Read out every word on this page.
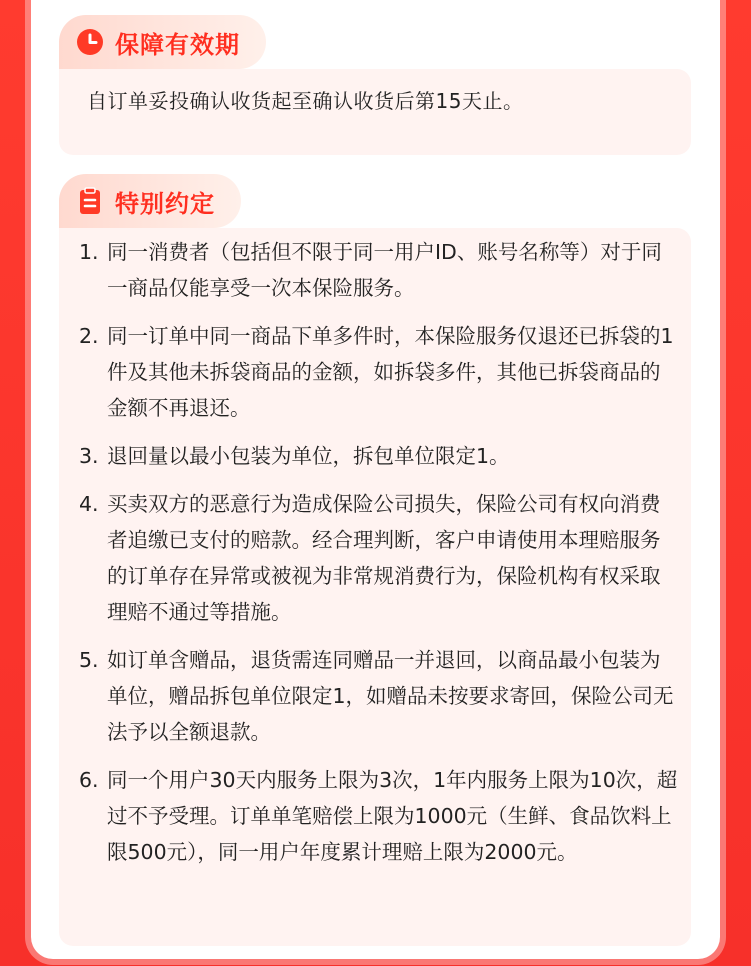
保障有效期
自订单妥投确认收货起至确认收货后第15天止。
特别约定
1. 同一消费者（包括但不限于同一用户ID、账号名称等）对于同一商品仅能享受一次本保险服务。
2. 同一订单中同一商品下单多件时，本保险服务仅退还已拆袋的1件及其他未拆袋商品的金额，如拆袋多件，其他已拆袋商品的金额不再退还。
3. 退回量以最小包装为单位，拆包单位限定1。
4. 买卖双方的恶意行为造成保险公司损失，保险公司有权向消费者追缴已支付的赔款。经合理判断，客户申请使用本理赔服务的订单存在异常或被视为非常规消费行为，保险机构有权采取理赔不通过等措施。
5. 如订单含赠品，退货需连同赠品一并退回，以商品最小包装为单位，赠品拆包单位限定1，如赠品未按要求寄回，保险公司无法予以全额退款。
6. 同一个用户30天内服务上限为3次，1年内服务上限为10次，超过不予受理。订单单笔赔偿上限为1000元（生鲜、食品饮料上限500元），同一用户年度累计理赔上限为2000元。
